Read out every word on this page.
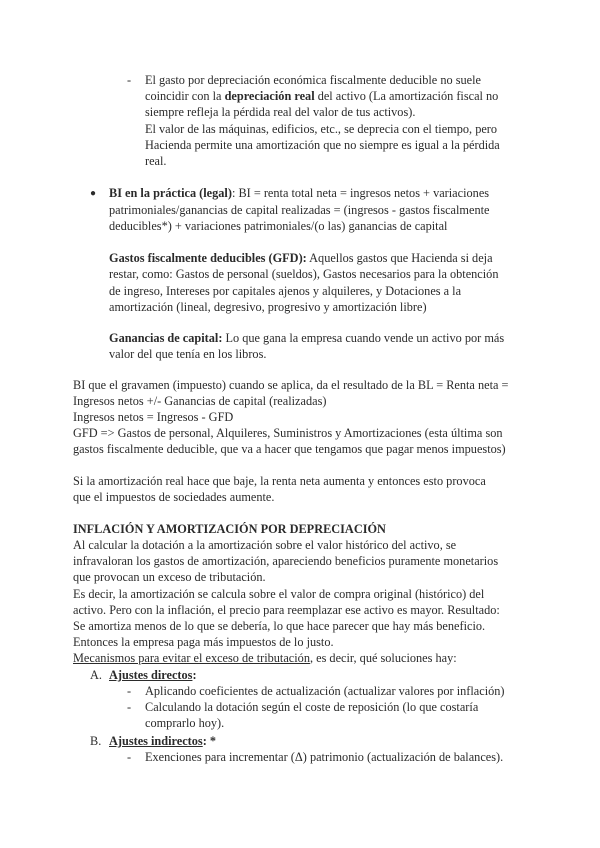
- El gasto por depreciación económica fiscalmente deducible no suele
coincidir con la depreciación real del activo (La amortización fiscal no
siempre refleja la pérdida real del valor de tus activos).
El valor de las máquinas, edificios, etc., se deprecia con el tiempo, pero
Hacienda permite una amortización que no siempre es igual a la pérdida
real.
● BI en la práctica (legal): BI = renta total neta = ingresos netos + variaciones
patrimoniales/ganancias de capital realizadas = (ingresos - gastos fiscalmente
deducibles*) + variaciones patrimoniales/(o las) ganancias de capital
Gastos fiscalmente deducibles (GFD): Aquellos gastos que Hacienda si deja
restar, como: Gastos de personal (sueldos), Gastos necesarios para la obtención
de ingreso, Intereses por capitales ajenos y alquileres, y Dotaciones a la
amortización (lineal, degresivo, progresivo y amortización libre)
Ganancias de capital: Lo que gana la empresa cuando vende un activo por más
valor del que tenía en los libros.
BI que el gravamen (impuesto) cuando se aplica, da el resultado de la BL = Renta neta =
Ingresos netos +/- Ganancias de capital (realizadas)
Ingresos netos = Ingresos - GFD
GFD => Gastos de personal, Alquileres, Suministros y Amortizaciones (esta última son
gastos fiscalmente deducible, que va a hacer que tengamos que pagar menos impuestos)
Si la amortización real hace que baje, la renta neta aumenta y entonces esto provoca
que el impuestos de sociedades aumente.
INFLACIÓN Y AMORTIZACIÓN POR DEPRECIACIÓN
Al calcular la dotación a la amortización sobre el valor histórico del activo, se
infravaloran los gastos de amortización, apareciendo beneficios puramente monetarios
que provocan un exceso de tributación.
Es decir, la amortización se calcula sobre el valor de compra original (histórico) del
activo. Pero con la inflación, el precio para reemplazar ese activo es mayor. Resultado:
Se amortiza menos de lo que se debería, lo que hace parecer que hay más beneficio.
Entonces la empresa paga más impuestos de lo justo.
Mecanismos para evitar el exceso de tributación, es decir, qué soluciones hay:
A. Ajustes directos:
- Aplicando coeficientes de actualización (actualizar valores por inflación)
- Calculando la dotación según el coste de reposición (lo que costaría
comprarlo hoy).
B. Ajustes indirectos: *
- Exenciones para incrementar (Δ) patrimonio (actualización de balances).
